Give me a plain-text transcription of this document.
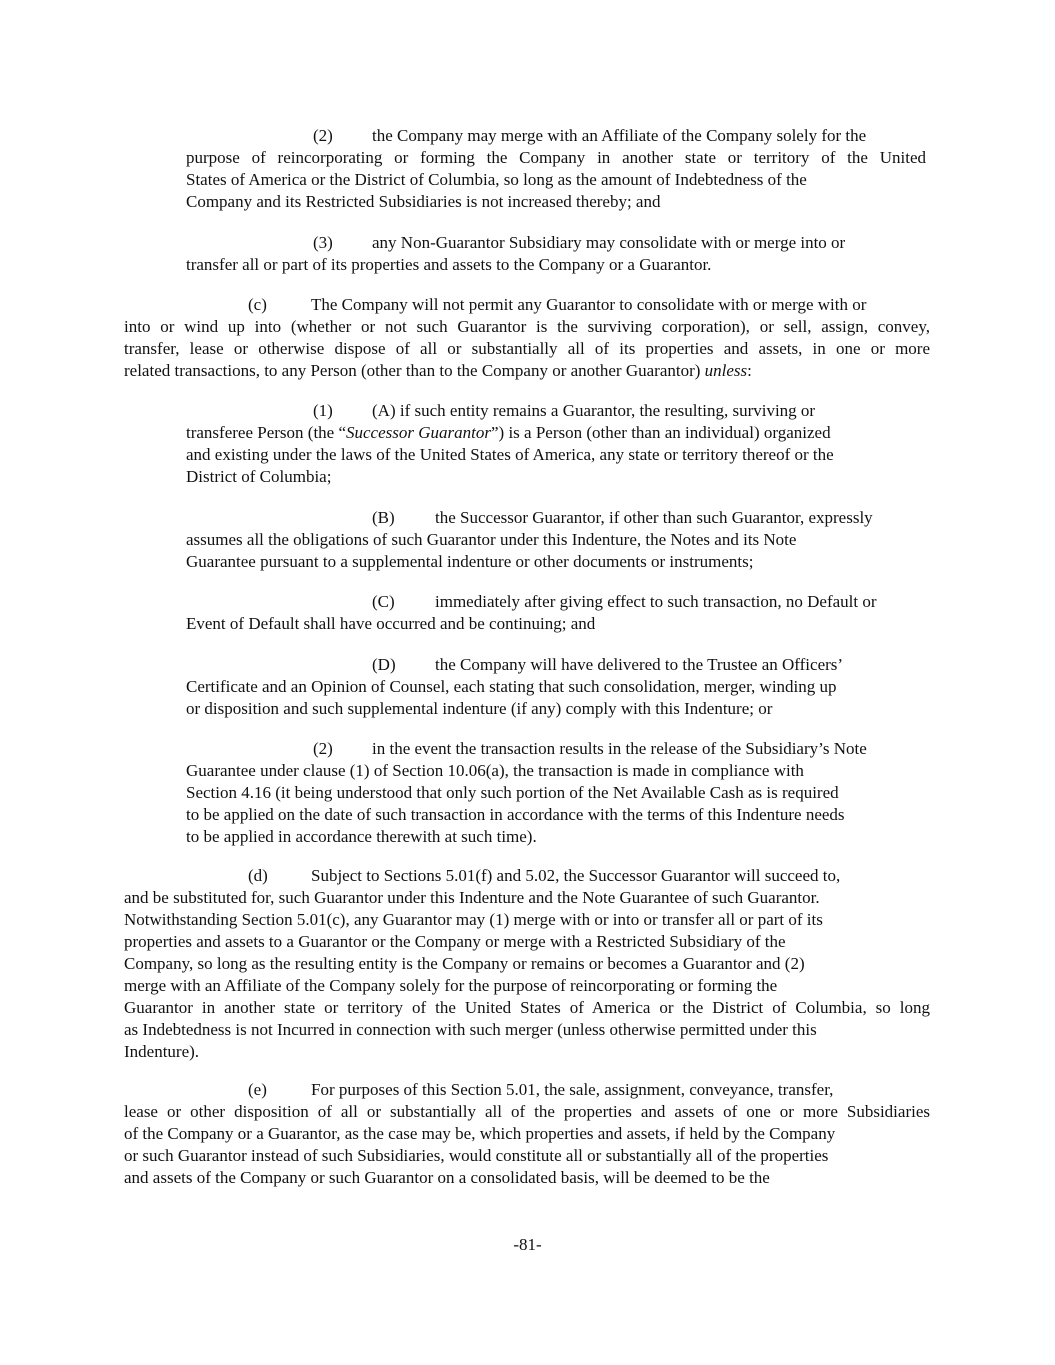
(2) the Company may merge with an Affiliate of the Company solely for the
purpose of reincorporating or forming the Company in another state or territory of the United
States of America or the District of Columbia, so long as the amount of Indebtedness of the
Company and its Restricted Subsidiaries is not increased thereby; and
(3) any Non-Guarantor Subsidiary may consolidate with or merge into or
transfer all or part of its properties and assets to the Company or a Guarantor.
(c)	The Company will not permit any Guarantor to consolidate with or merge with or
into or wind up into (whether or not such Guarantor is the surviving corporation), or sell, assign, convey,
transfer, lease or otherwise dispose of all or substantially all of its properties and assets, in one or more
related transactions, to any Person (other than to the Company or another Guarantor) unless:
(1) (A) if such entity remains a Guarantor, the resulting, surviving or
transferee Person (the “Successor Guarantor”) is a Person (other than an individual) organized
and existing under the laws of the United States of America, any state or territory thereof or the
District of Columbia;
(B) the Successor Guarantor, if other than such Guarantor, expressly
assumes all the obligations of such Guarantor under this Indenture, the Notes and its Note
Guarantee pursuant to a supplemental indenture or other documents or instruments;
(C) immediately after giving effect to such transaction, no Default or
Event of Default shall have occurred and be continuing; and
(D) the Company will have delivered to the Trustee an Officers’
Certificate and an Opinion of Counsel, each stating that such consolidation, merger, winding up
or disposition and such supplemental indenture (if any) comply with this Indenture; or
(2) in the event the transaction results in the release of the Subsidiary’s Note
Guarantee under clause (1) of Section 10.06(a), the transaction is made in compliance with
Section 4.16 (it being understood that only such portion of the Net Available Cash as is required
to be applied on the date of such transaction in accordance with the terms of this Indenture needs
to be applied in accordance therewith at such time).
(d)	Subject to Sections 5.01(f) and 5.02, the Successor Guarantor will succeed to,
and be substituted for, such Guarantor under this Indenture and the Note Guarantee of such Guarantor.
Notwithstanding Section 5.01(c), any Guarantor may (1) merge with or into or transfer all or part of its
properties and assets to a Guarantor or the Company or merge with a Restricted Subsidiary of the
Company, so long as the resulting entity is the Company or remains or becomes a Guarantor and (2)
merge with an Affiliate of the Company solely for the purpose of reincorporating or forming the
Guarantor in another state or territory of the United States of America or the District of Columbia, so long
as Indebtedness is not Incurred in connection with such merger (unless otherwise permitted under this
Indenture).
(e)	For purposes of this Section 5.01, the sale, assignment, conveyance, transfer,
lease or other disposition of all or substantially all of the properties and assets of one or more Subsidiaries
of the Company or a Guarantor, as the case may be, which properties and assets, if held by the Company
or such Guarantor instead of such Subsidiaries, would constitute all or substantially all of the properties
and assets of the Company or such Guarantor on a consolidated basis, will be deemed to be the
-81-
